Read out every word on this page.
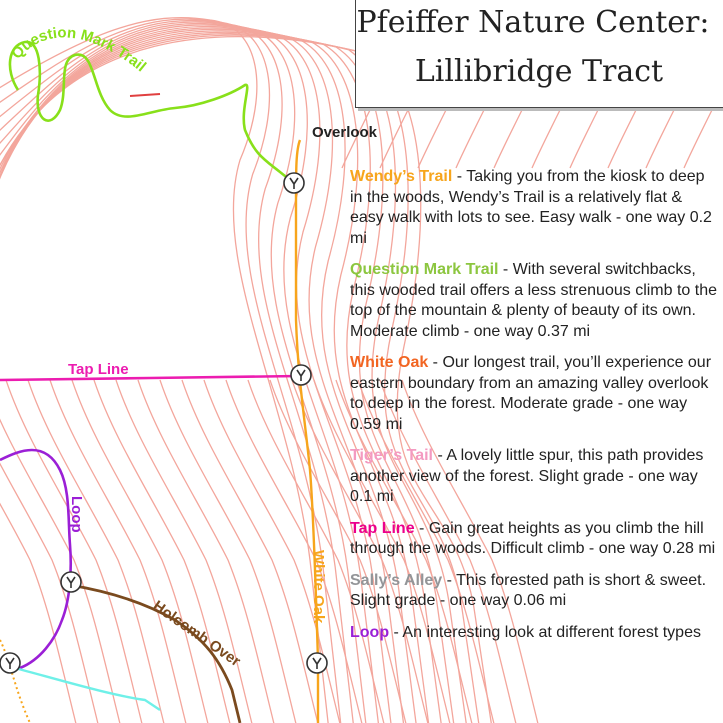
Question Mark Trail
Overlook
Tap Line
White Oak
Loop
Holcomb Over
Pfeiffer Nature Center:
Lillibridge Tract
Wendy’s Trail - Taking you from the kiosk to deep in the woods, Wendy’s Trail is a relatively flat & easy walk with lots to see. Easy walk - one way 0.2 mi
Question Mark Trail - With several switchbacks, this wooded trail offers a less strenuous climb to the top of the mountain & plenty of beauty of its own. Moderate climb - one way 0.37 mi
White Oak - Our longest trail, you’ll experience our eastern boundary from an amazing valley overlook to deep in the forest. Moderate grade - one way 0.59 mi
Tiger’s Tail - A lovely little spur, this path provides another view of the forest. Slight grade - one way 0.1 mi
Tap Line - Gain great heights as you climb the hill through the woods. Difficult climb - one way 0.28 mi
Sally’s Alley - This forested path is short & sweet. Slight grade - one way 0.06 mi
Loop - An interesting look at different forest types
